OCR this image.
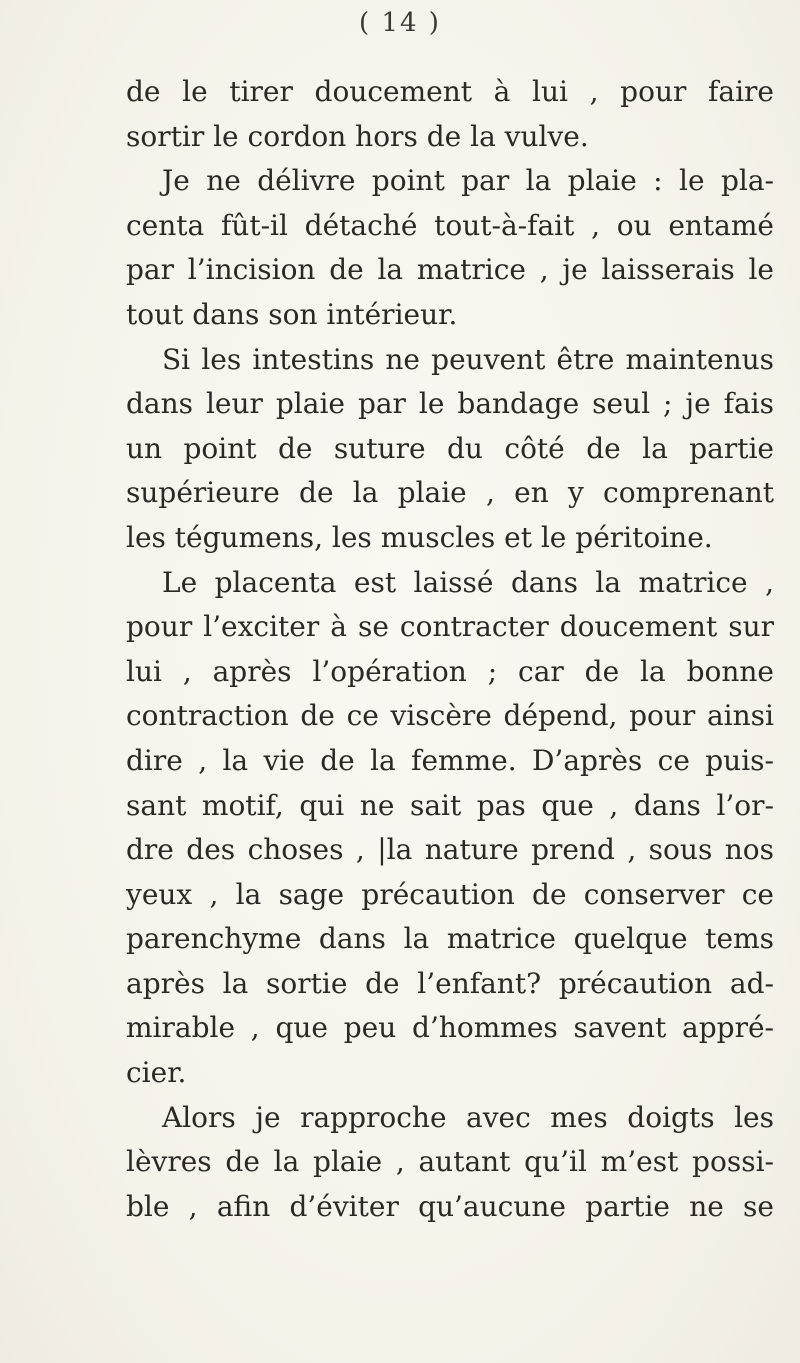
( 14 )
de le tirer doucement à lui , pour faire
sortir le cordon hors de la vulve.
Je ne délivre point par la plaie : le pla-
centa fût-il détaché tout-à-fait , ou entamé
par l’incision de la matrice , je laisserais le
tout dans son intérieur.
Si les intestins ne peuvent être maintenus
dans leur plaie par le bandage seul ; je fais
un point de suture du côté de la partie
supérieure de la plaie , en y comprenant
les tégumens, les muscles et le péritoine.
Le placenta est laissé dans la matrice ,
pour l’exciter à se contracter doucement sur
lui , après l’opération ; car de la bonne
contraction de ce viscère dépend, pour ainsi
dire , la vie de la femme. D’après ce puis-
sant motif, qui ne sait pas que , dans l’or-
dre des choses , |la nature prend , sous nos
yeux , la sage précaution de conserver ce
parenchyme dans la matrice quelque tems
après la sortie de l’enfant? précaution ad-
mirable , que peu d’hommes savent appré-
cier.
Alors je rapproche avec mes doigts les
lèvres de la plaie , autant qu’il m’est possi-
ble , afin d’éviter qu’aucune partie ne se
